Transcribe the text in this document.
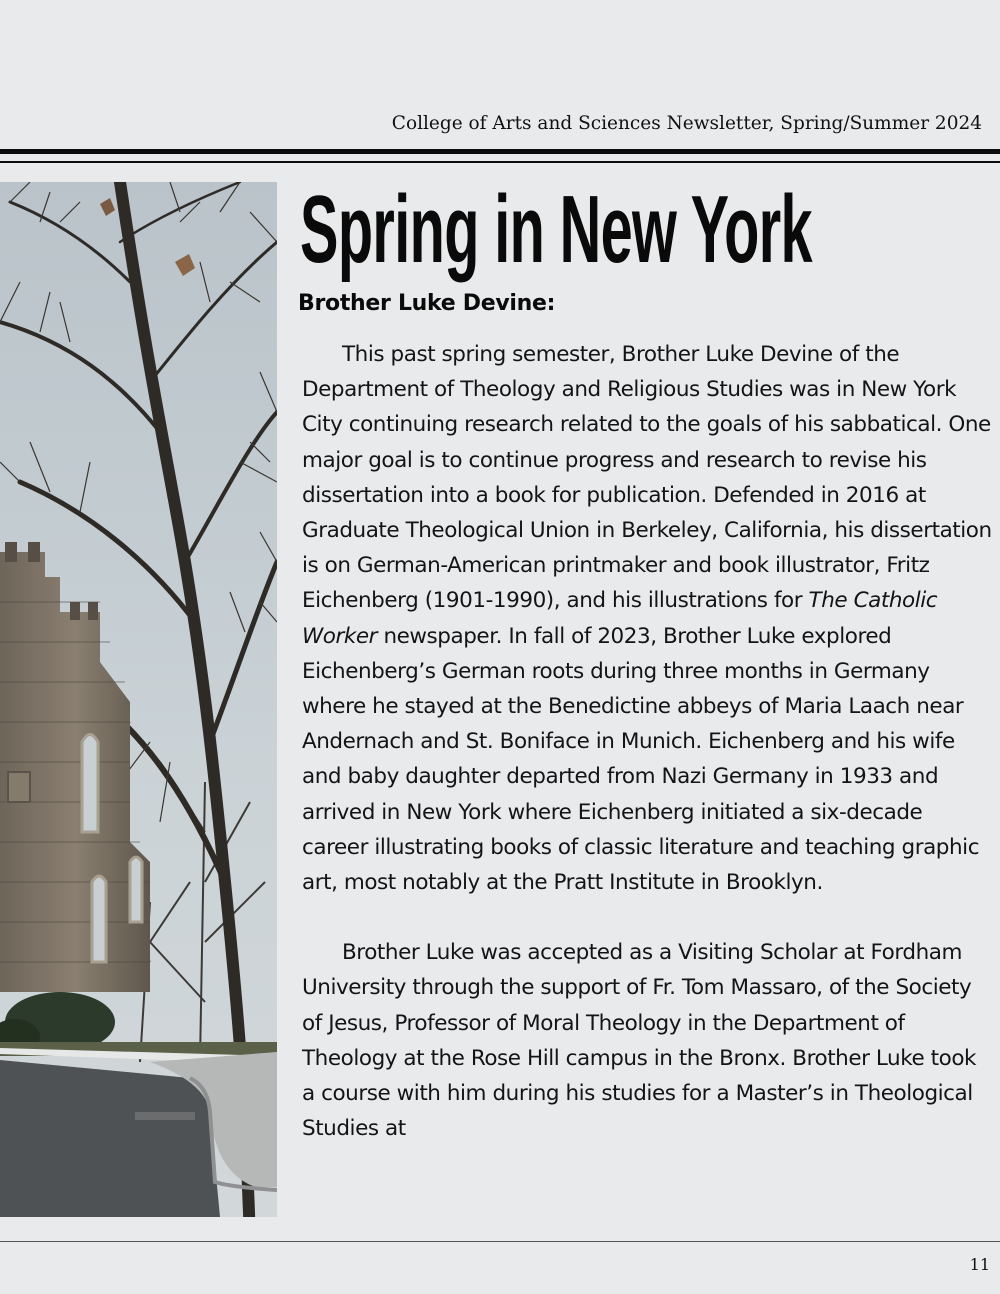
College of Arts and Sciences Newsletter, Spring/Summer 2024
Spring in New York
Brother Luke Devine:

This past spring semester, Brother Luke Devine of the Department of Theology and Religious Studies was in New York City continuing research related to the goals of his sabbatical. One major goal is to continue progress and research to revise his dissertation into a book for publication. Defended in 2016 at Graduate Theological Union in Berkeley, California, his dissertation is on German-American printmaker and book illustrator, Fritz Eichenberg (1901-1990), and his illustrations for The Catholic Worker newspaper. In fall of 2023, Brother Luke explored Eichenberg’s German roots during three months in Germany where he stayed at the Benedictine abbeys of Maria Laach near Andernach and St. Boniface in Munich. Eichenberg and his wife and baby daughter departed from Nazi Germany in 1933 and arrived in New York where Eichenberg initiated a six-decade career illustrating books of classic literature and teaching graphic art, most notably at the Pratt Institute in Brooklyn.

Brother Luke was accepted as a Visiting Scholar at Fordham University through the support of Fr. Tom Massaro, of the Society of Jesus, Professor of Moral Theology in the Department of Theology at the Rose Hill campus in the Bronx. Brother Luke took a course with him during his studies for a Master’s in Theological Studies at

11
